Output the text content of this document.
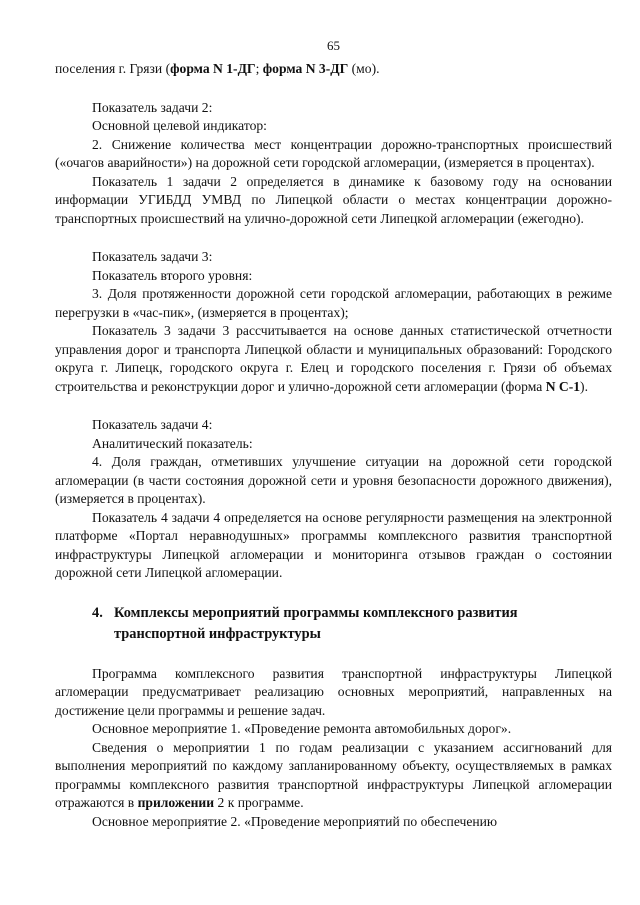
65

поселения г. Грязи (форма N 1-ДГ; форма N 3-ДГ (мо).

Показатель задачи 2:

Основной целевой индикатор:

2. Снижение количества мест концентрации дорожно-транспортных происшествий («очагов аварийности») на дорожной сети городской агломерации, (измеряется в процентах).

Показатель 1 задачи 2 определяется в динамике к базовому году на основании информации УГИБДД УМВД по Липецкой области о местах концентрации дорожно-транспортных происшествий на улично-дорожной сети Липецкой агломерации (ежегодно).

Показатель задачи 3:

Показатель второго уровня:

3. Доля протяженности дорожной сети городской агломерации, работающих в режиме перегрузки в «час-пик», (измеряется в процентах);

Показатель 3 задачи 3 рассчитывается на основе данных статистической отчетности управления дорог и транспорта Липецкой области и муниципальных образований: Городского округа г. Липецк, городского округа г. Елец и городского поселения г. Грязи об объемах строительства и реконструкции дорог и улично-дорожной сети агломерации (форма N С-1).

Показатель задачи 4:

Аналитический показатель:

4. Доля граждан, отметивших улучшение ситуации на дорожной сети городской агломерации (в части состояния дорожной сети и уровня безопасности дорожного движения), (измеряется в процентах).

Показатель 4 задачи 4 определяется на основе регулярности размещения на электронной платформе «Портал неравнодушных» программы комплексного развития транспортной инфраструктуры Липецкой агломерации и мониторинга отзывов граждан о состоянии дорожной сети Липецкой агломерации.

4. Комплексы мероприятий программы комплексного развития
транспортной инфраструктуры

Программа комплексного развития транспортной инфраструктуры Липецкой агломерации предусматривает реализацию основных мероприятий, направленных на достижение цели программы и решение задач.

Основное мероприятие 1. «Проведение ремонта автомобильных дорог».

Сведения о мероприятии 1 по годам реализации с указанием ассигнований для выполнения мероприятий по каждому запланированному объекту, осуществляемых в рамках программы комплексного развития транспортной инфраструктуры Липецкой агломерации отражаются в приложении 2 к программе.

Основное мероприятие 2. «Проведение мероприятий по обеспечению
